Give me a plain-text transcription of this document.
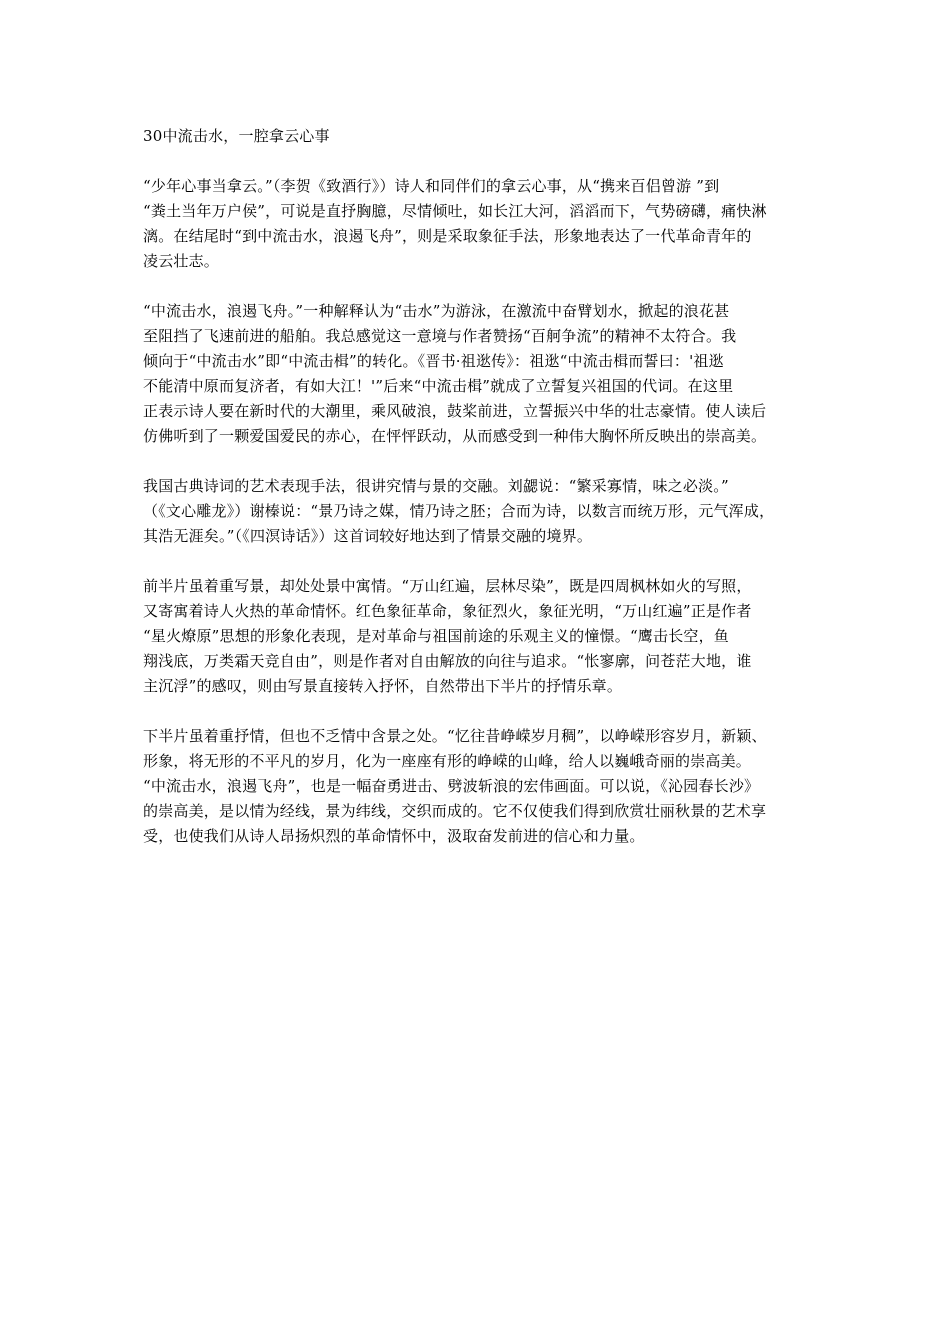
30中流击水，一腔拿云心事
“少年心事当拿云。”（李贺《致酒行》）诗人和同伴们的拿云心事，从“携来百侣曾游 ”到
“粪土当年万户侯”，可说是直抒胸臆，尽情倾吐，如长江大河，滔滔而下，气势磅礴，痛快淋
漓。在结尾时“到中流击水，浪遏飞舟”，则是采取象征手法，形象地表达了一代革命青年的
凌云壮志。
“中流击水，浪遏飞舟。”一种解释认为“击水”为游泳，在激流中奋臂划水，掀起的浪花甚
至阻挡了飞速前进的船舶。我总感觉这一意境与作者赞扬“百舸争流”的精神不太符合。我
倾向于“中流击水”即“中流击楫”的转化。《晋书·祖逖传》：祖逖“中流击楫而誓曰：'祖逖
不能清中原而复济者，有如大江！'”后来“中流击楫”就成了立誓复兴祖国的代词。在这里
正表示诗人要在新时代的大潮里，乘风破浪，鼓桨前进，立誓振兴中华的壮志豪情。使人读后
仿佛听到了一颗爱国爱民的赤心，在怦怦跃动，从而感受到一种伟大胸怀所反映出的崇高美。
我国古典诗词的艺术表现手法，很讲究情与景的交融。刘勰说：“繁采寡情，味之必淡。”
（《文心雕龙》）谢榛说：“景乃诗之媒，情乃诗之胚；合而为诗，以数言而统万形，元气浑成，
其浩无涯矣。”（《四溟诗话》）这首词较好地达到了情景交融的境界。
前半片虽着重写景，却处处景中寓情。“万山红遍，层林尽染”，既是四周枫林如火的写照，
又寄寓着诗人火热的革命情怀。红色象征革命，象征烈火，象征光明，“万山红遍”正是作者
“星火燎原”思想的形象化表现，是对革命与祖国前途的乐观主义的憧憬。“鹰击长空，鱼
翔浅底，万类霜天竞自由”，则是作者对自由解放的向往与追求。“怅寥廓，问苍茫大地，谁
主沉浮”的感叹，则由写景直接转入抒怀，自然带出下半片的抒情乐章。
下半片虽着重抒情，但也不乏情中含景之处。“忆往昔峥嵘岁月稠”，以峥嵘形容岁月，新颖、
形象，将无形的不平凡的岁月，化为一座座有形的峥嵘的山峰，给人以巍峨奇丽的崇高美。
“中流击水，浪遏飞舟”，也是一幅奋勇进击、劈波斩浪的宏伟画面。可以说，《沁园春长沙》
的崇高美，是以情为经线，景为纬线，交织而成的。它不仅使我们得到欣赏壮丽秋景的艺术享
受，也使我们从诗人昂扬炽烈的革命情怀中，汲取奋发前进的信心和力量。
